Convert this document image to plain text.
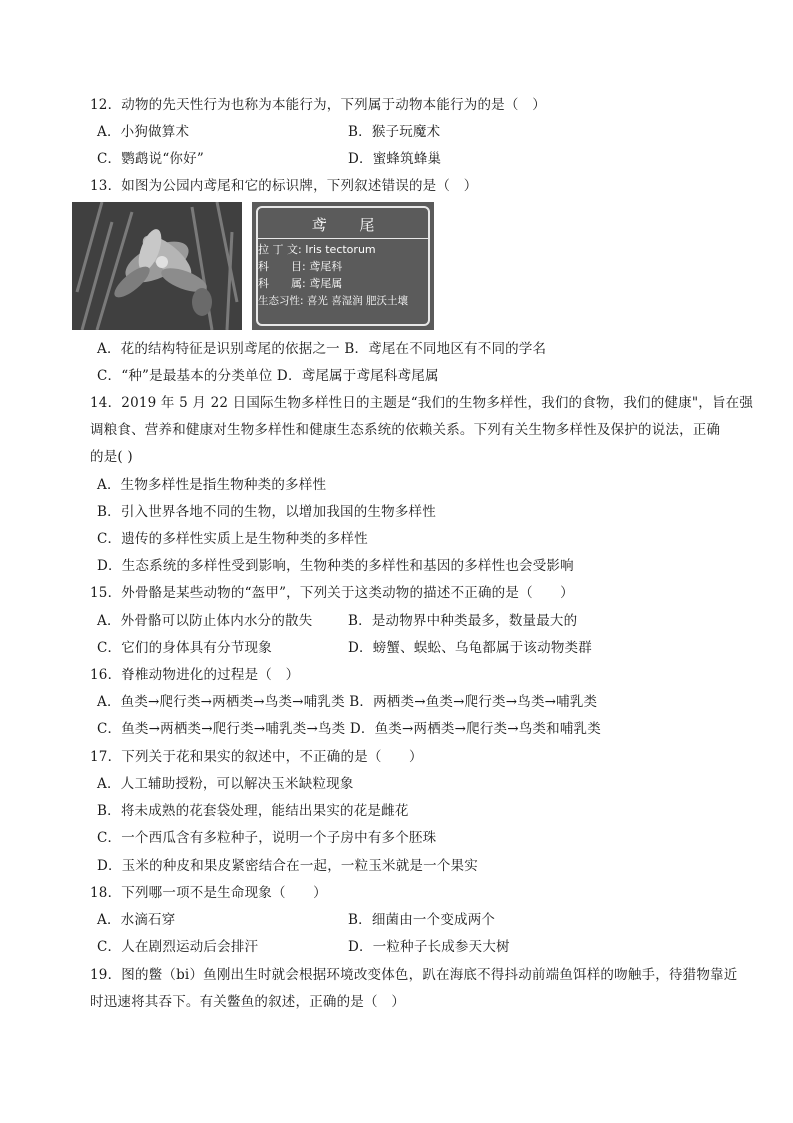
12．动物的先天性行为也称为本能行为，下列属于动物本能行为的是（　）
A．小狗做算术	B．猴子玩魔术
C．鹦鹉说“你好”	D．蜜蜂筑蜂巢
13．如图为公园内鸢尾和它的标识牌，下列叙述错误的是（　）
鸢 尾
拉 丁 文: Iris tectorum
科　　目: 鸢尾科
科　　属: 鸢尾属
生态习性: 喜光 喜湿润 肥沃土壤
A．花的结构特征是识别鸢尾的依据之一 B．鸢尾在不同地区有不同的学名
C．“种”是最基本的分类单位 D．鸢尾属于鸢尾科鸢尾属
14．2019 年 5 月 22 日国际生物多样性日的主题是“我们的生物多样性，我们的食物，我们的健康"，旨在强
调粮食、营养和健康对生物多样性和健康生态系统的依赖关系。下列有关生物多样性及保护的说法，正确
的是( )
A．生物多样性是指生物种类的多样性
B．引入世界各地不同的生物，以增加我国的生物多样性
C．遗传的多样性实质上是生物种类的多样性
D．生态系统的多样性受到影响，生物种类的多样性和基因的多样性也会受影响
15．外骨骼是某些动物的“盔甲”，下列关于这类动物的描述不正确的是（　　）
A．外骨骼可以防止体内水分的散失	B．是动物界中种类最多，数量最大的
C．它们的身体具有分节现象	D．螃蟹、蜈蚣、乌龟都属于该动物类群
16．脊椎动物进化的过程是（　）
A．鱼类→爬行类→两栖类→鸟类→哺乳类 B．两栖类→鱼类→爬行类→鸟类→哺乳类
C．鱼类→两栖类→爬行类→哺乳类→鸟类 D．鱼类→两栖类→爬行类→鸟类和哺乳类
17．下列关于花和果实的叙述中，不正确的是（　　）
A．人工辅助授粉，可以解决玉米缺粒现象
B．将未成熟的花套袋处理，能结出果实的花是雌花
C．一个西瓜含有多粒种子，说明一个子房中有多个胚珠
D．玉米的种皮和果皮紧密结合在一起，一粒玉米就是一个果实
18．下列哪一项不是生命现象（　　）
A．水滴石穿	B．细菌由一个变成两个
C．人在剧烈运动后会排汗	D．一粒种子长成参天大树
19．图的鳖（bi）鱼刚出生时就会根据环境改变体色，趴在海底不得抖动前端鱼饵样的吻触手，待猎物靠近
时迅速将其吞下。有关鳖鱼的叙述，正确的是（　）
